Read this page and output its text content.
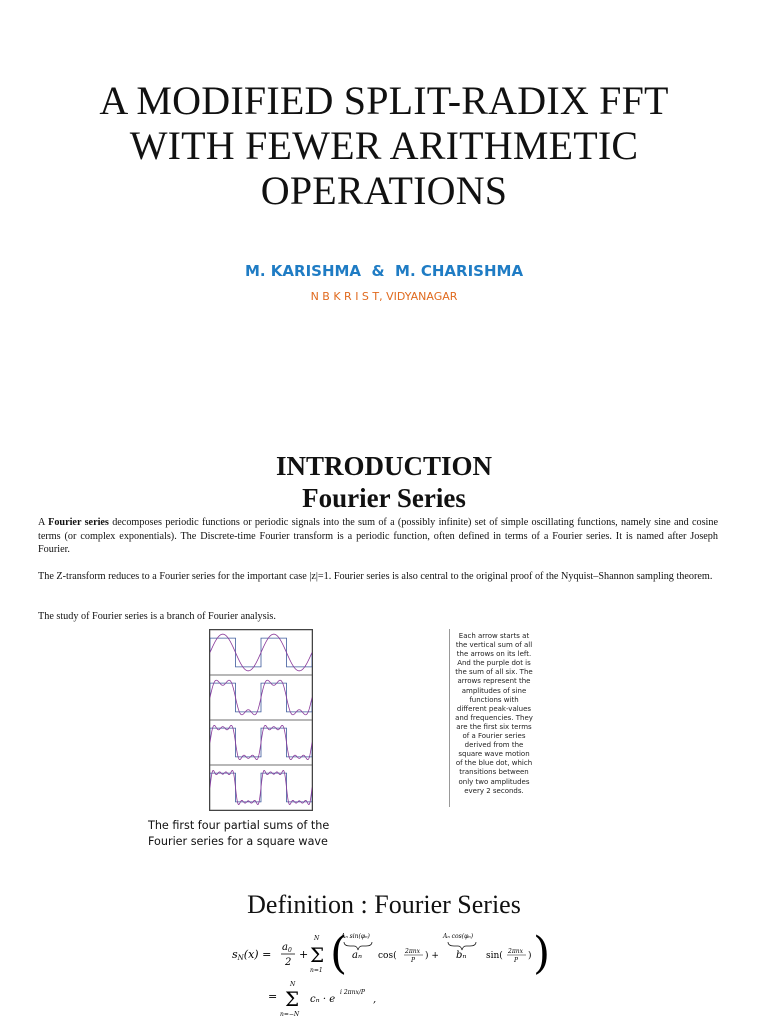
A MODIFIED SPLIT-RADIX FFT
WITH FEWER ARITHMETIC
OPERATIONS
M. KARISHMA  &  M. CHARISHMA
N B K R I S T, VIDYANAGAR
INTRODUCTION
Fourier Series
A Fourier series decomposes periodic functions or periodic signals into the sum of a (possibly infinite) set of simple oscillating functions, namely sine and cosine terms (or complex exponentials). The Discrete-time Fourier transform is a periodic function, often defined in terms of a Fourier series. It is named after Joseph Fourier.
The Z-transform reduces to a Fourier series for the important case |z|=1. Fourier series is also central to the original proof of the Nyquist–Shannon sampling theorem.
The study of Fourier series is a branch of Fourier analysis.
Each arrow starts at the vertical sum of all the arrows on its left. And the purple dot is the sum of all six. The arrows represent the amplitudes of sine functions with different peak-values and frequencies. They are the first six terms of a Fourier series derived from the square wave motion of the blue dot, which transitions between only two amplitudes every 2 seconds.
The first four partial sums of the
Fourier series for a square wave
Definition : Fourier Series
sN(x) =
$a_0$
2
+
N
Σ
n=1 (
Aₙ sin(φₙ)
aₙ cos( 2πnx
P ) +
Aₙ cos(φₙ)
bₙ sin( 2πnx
P ) )
=
N
Σ
n=−N
cₙ · e
i 2πnx/P
,
